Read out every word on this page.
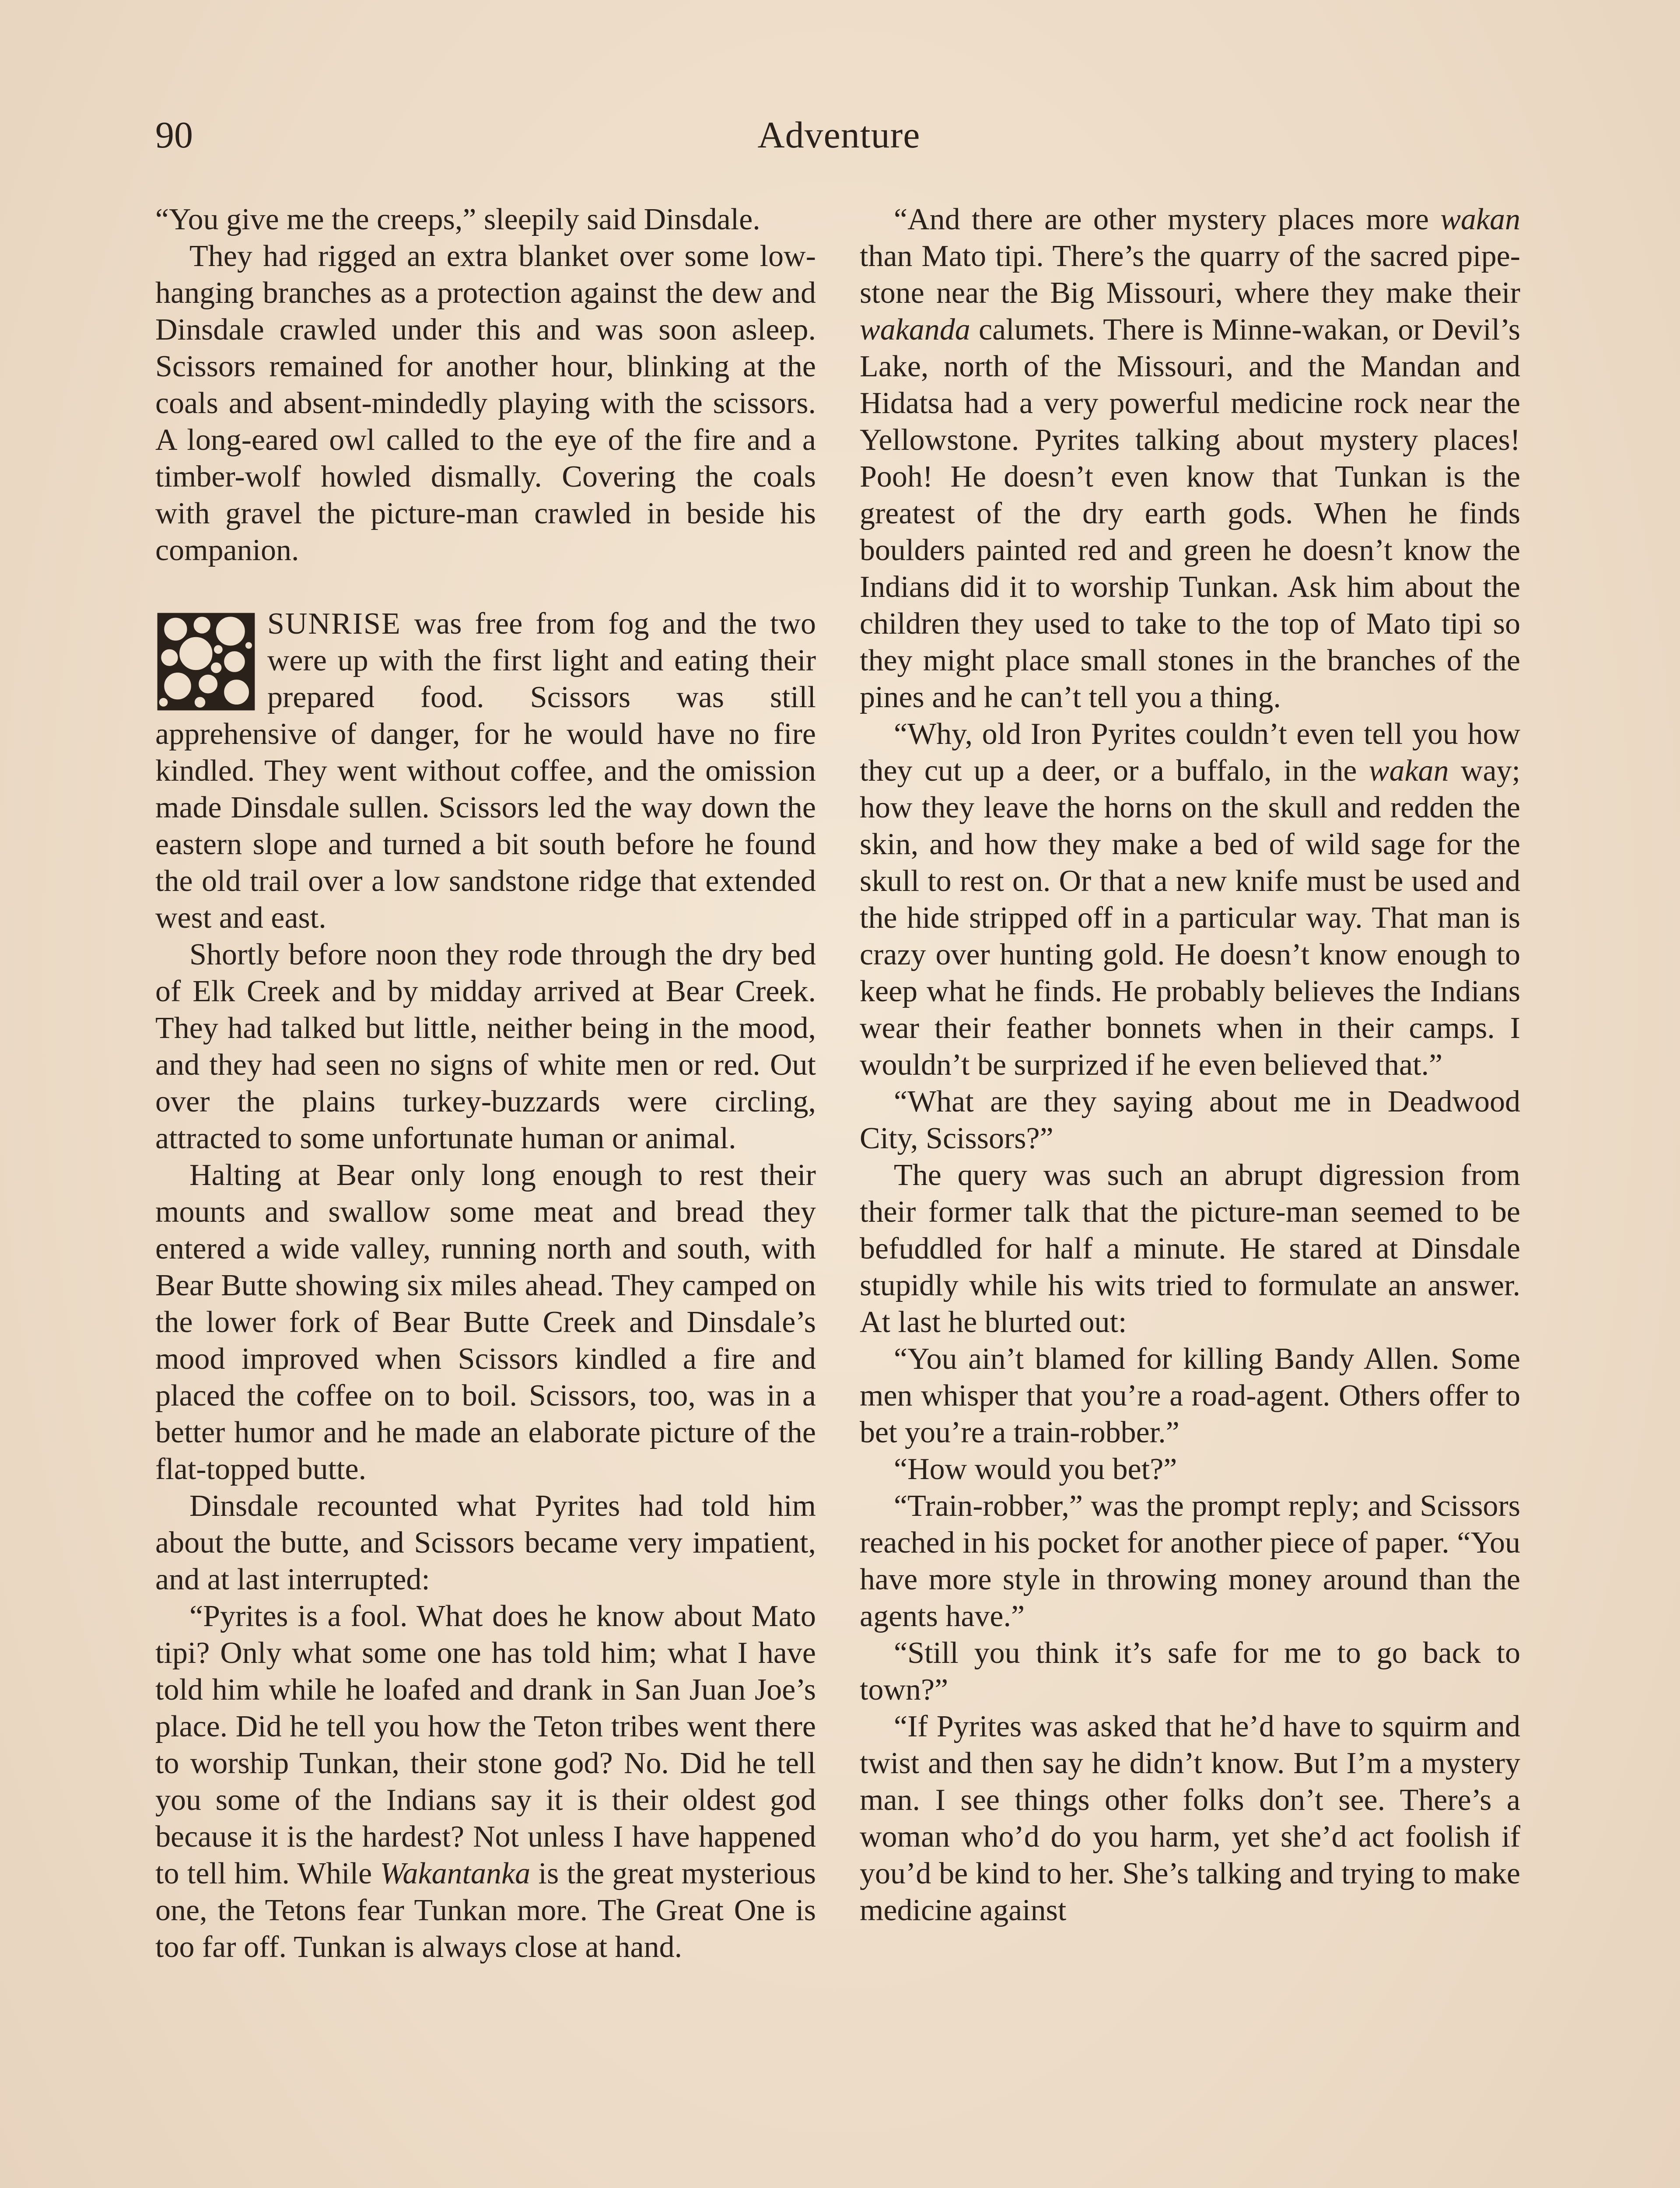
90	Adventure

“You give me the creeps,” sleepily said Dinsdale.

They had rigged an extra blanket over some low-hanging branches as a protection against the dew and Dinsdale crawled under this and was soon asleep. Scissors remained for another hour, blinking at the coals and absent-mindedly playing with the scissors. A long-eared owl called to the eye of the fire and a timber-wolf howled dismally. Covering the coals with gravel the picture-man crawled in beside his companion.

SUNRISE was free from fog and the two were up with the first light and eating their prepared food. Scissors was still apprehensive of danger, for he would have no fire kindled. They went without coffee, and the omission made Dinsdale sullen. Scissors led the way down the eastern slope and turned a bit south before he found the old trail over a low sandstone ridge that extended west and east.

Shortly before noon they rode through the dry bed of Elk Creek and by midday arrived at Bear Creek. They had talked but little, neither being in the mood, and they had seen no signs of white men or red. Out over the plains turkey-buzzards were circling, attracted to some unfortunate human or animal.

Halting at Bear only long enough to rest their mounts and swallow some meat and bread they entered a wide valley, running north and south, with Bear Butte showing six miles ahead. They camped on the lower fork of Bear Butte Creek and Dinsdale’s mood improved when Scissors kindled a fire and placed the coffee on to boil. Scissors, too, was in a better humor and he made an elaborate picture of the flat-topped butte.

Dinsdale recounted what Pyrites had told him about the butte, and Scissors became very impatient, and at last interrupted:

“Pyrites is a fool. What does he know about Mato tipi? Only what some one has told him; what I have told him while he loafed and drank in San Juan Joe’s place. Did he tell you how the Teton tribes went there to worship Tunkan, their stone god? No. Did he tell you some of the Indians say it is their oldest god because it is the hardest? Not unless I have happened to tell him. While Wakantanka is the great mysterious one, the Tetons fear Tunkan more. The Great One is too far off. Tunkan is always close at hand.

“And there are other mystery places more wakan than Mato tipi. There’s the quarry of the sacred pipe-stone near the Big Missouri, where they make their wakanda calumets. There is Minne-wakan, or Devil’s Lake, north of the Missouri, and the Mandan and Hidatsa had a very powerful medicine rock near the Yellowstone. Pyrites talking about mystery places! Pooh! He doesn’t even know that Tunkan is the greatest of the dry earth gods. When he finds boulders painted red and green he doesn’t know the Indians did it to worship Tunkan. Ask him about the children they used to take to the top of Mato tipi so they might place small stones in the branches of the pines and he can’t tell you a thing.

“Why, old Iron Pyrites couldn’t even tell you how they cut up a deer, or a buffalo, in the wakan way; how they leave the horns on the skull and redden the skin, and how they make a bed of wild sage for the skull to rest on. Or that a new knife must be used and the hide stripped off in a particular way. That man is crazy over hunting gold. He doesn’t know enough to keep what he finds. He probably believes the Indians wear their feather bonnets when in their camps. I wouldn’t be surprized if he even believed that.”

“What are they saying about me in Deadwood City, Scissors?”

The query was such an abrupt digression from their former talk that the picture-man seemed to be befuddled for half a minute. He stared at Dinsdale stupidly while his wits tried to formulate an answer. At last he blurted out:

“You ain’t blamed for killing Bandy Allen. Some men whisper that you’re a road-agent. Others offer to bet you’re a train-robber.”

“How would you bet?”

“Train-robber,” was the prompt reply; and Scissors reached in his pocket for another piece of paper. “You have more style in throwing money around than the agents have.”

“Still you think it’s safe for me to go back to town?”

“If Pyrites was asked that he’d have to squirm and twist and then say he didn’t know. But I’m a mystery man. I see things other folks don’t see. There’s a woman who’d do you harm, yet she’d act foolish if you’d be kind to her. She’s talking and trying to make medicine against
